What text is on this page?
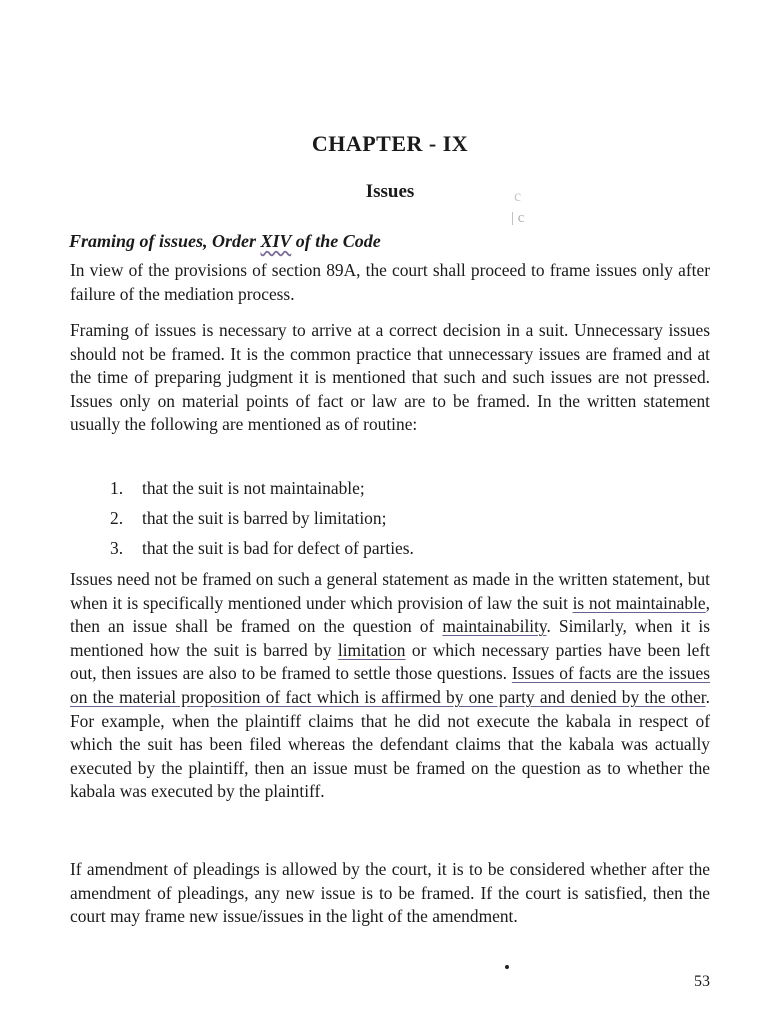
CHAPTER - IX
Issues	c
| c
Framing of issues, Order XIV of the Code
In view of the provisions of section 89A, the court shall proceed to frame issues only after failure of the mediation process.
Framing of issues is necessary to arrive at a correct decision in a suit. Unnecessary issues should not be framed. It is the common practice that unnecessary issues are framed and at the time of preparing judgment it is mentioned that such and such issues are not pressed. Issues only on material points of fact or law are to be framed. In the written statement usually the following are mentioned as of routine:
1.	that the suit is not maintainable;
2.	that the suit is barred by limitation;
3.	that the suit is bad for defect of parties.
Issues need not be framed on such a general statement as made in the written statement, but when it is specifically mentioned under which provision of law the suit is not maintainable, then an issue shall be framed on the question of maintainability. Similarly, when it is mentioned how the suit is barred by limitation or which necessary parties have been left out, then issues are also to be framed to settle those questions. Issues of facts are the issues on the material proposition of fact which is affirmed by one party and denied by the other. For example, when the plaintiff claims that he did not execute the kabala in respect of which the suit has been filed whereas the defendant claims that the kabala was actually executed by the plaintiff, then an issue must be framed on the question as to whether the kabala was executed by the plaintiff.
If amendment of pleadings is allowed by the court, it is to be considered whether after the amendment of pleadings, any new issue is to be framed. If the court is satisfied, then the court may frame new issue/issues in the light of the amendment.
53
